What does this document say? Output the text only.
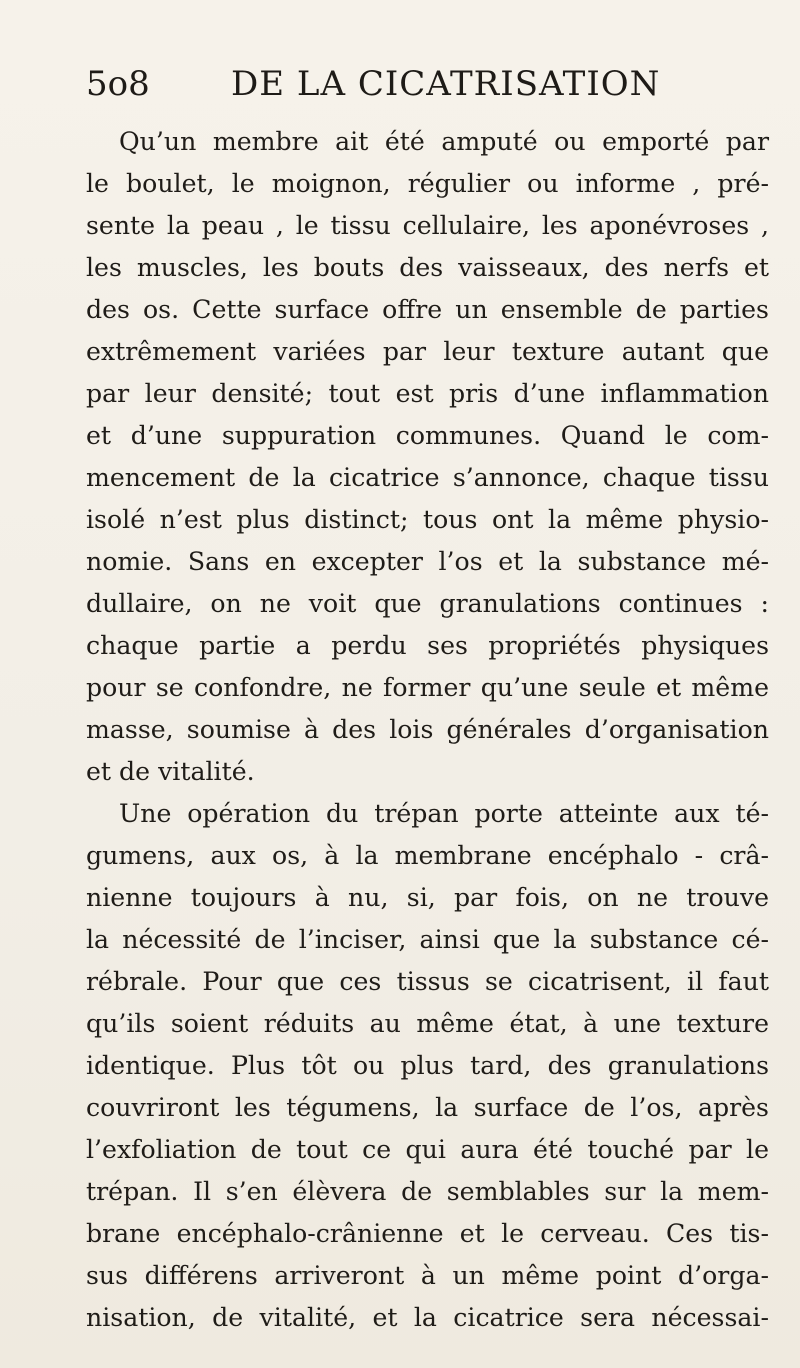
5o8 DE LA CICATRISATION
Qu’un membre ait été amputé ou emporté par
le boulet, le moignon, régulier ou informe , pré-
sente la peau , le tissu cellulaire, les aponévroses ,
les muscles, les bouts des vaisseaux, des nerfs et
des os. Cette surface offre un ensemble de parties
extrêmement variées par leur texture autant que
par leur densité; tout est pris d’une inflammation
et d’une suppuration communes. Quand le com-
mencement de la cicatrice s’annonce, chaque tissu
isolé n’est plus distinct; tous ont la même physio-
nomie. Sans en excepter l’os et la substance mé-
dullaire, on ne voit que granulations continues :
chaque partie a perdu ses propriétés physiques
pour se confondre, ne former qu’une seule et même
masse, soumise à des lois générales d’organisation
et de vitalité.
Une opération du trépan porte atteinte aux té-
gumens, aux os, à la membrane encéphalo - crâ-
nienne toujours à nu, si, par fois, on ne trouve
la nécessité de l’inciser, ainsi que la substance cé-
rébrale. Pour que ces tissus se cicatrisent, il faut
qu’ils soient réduits au même état, à une texture
identique. Plus tôt ou plus tard, des granulations
couvriront les tégumens, la surface de l’os, après
l’exfoliation de tout ce qui aura été touché par le
trépan. Il s’en élèvera de semblables sur la mem-
brane encéphalo-crânienne et le cerveau. Ces tis-
sus différens arriveront à un même point d’orga-
nisation, de vitalité, et la cicatrice sera nécessai-
